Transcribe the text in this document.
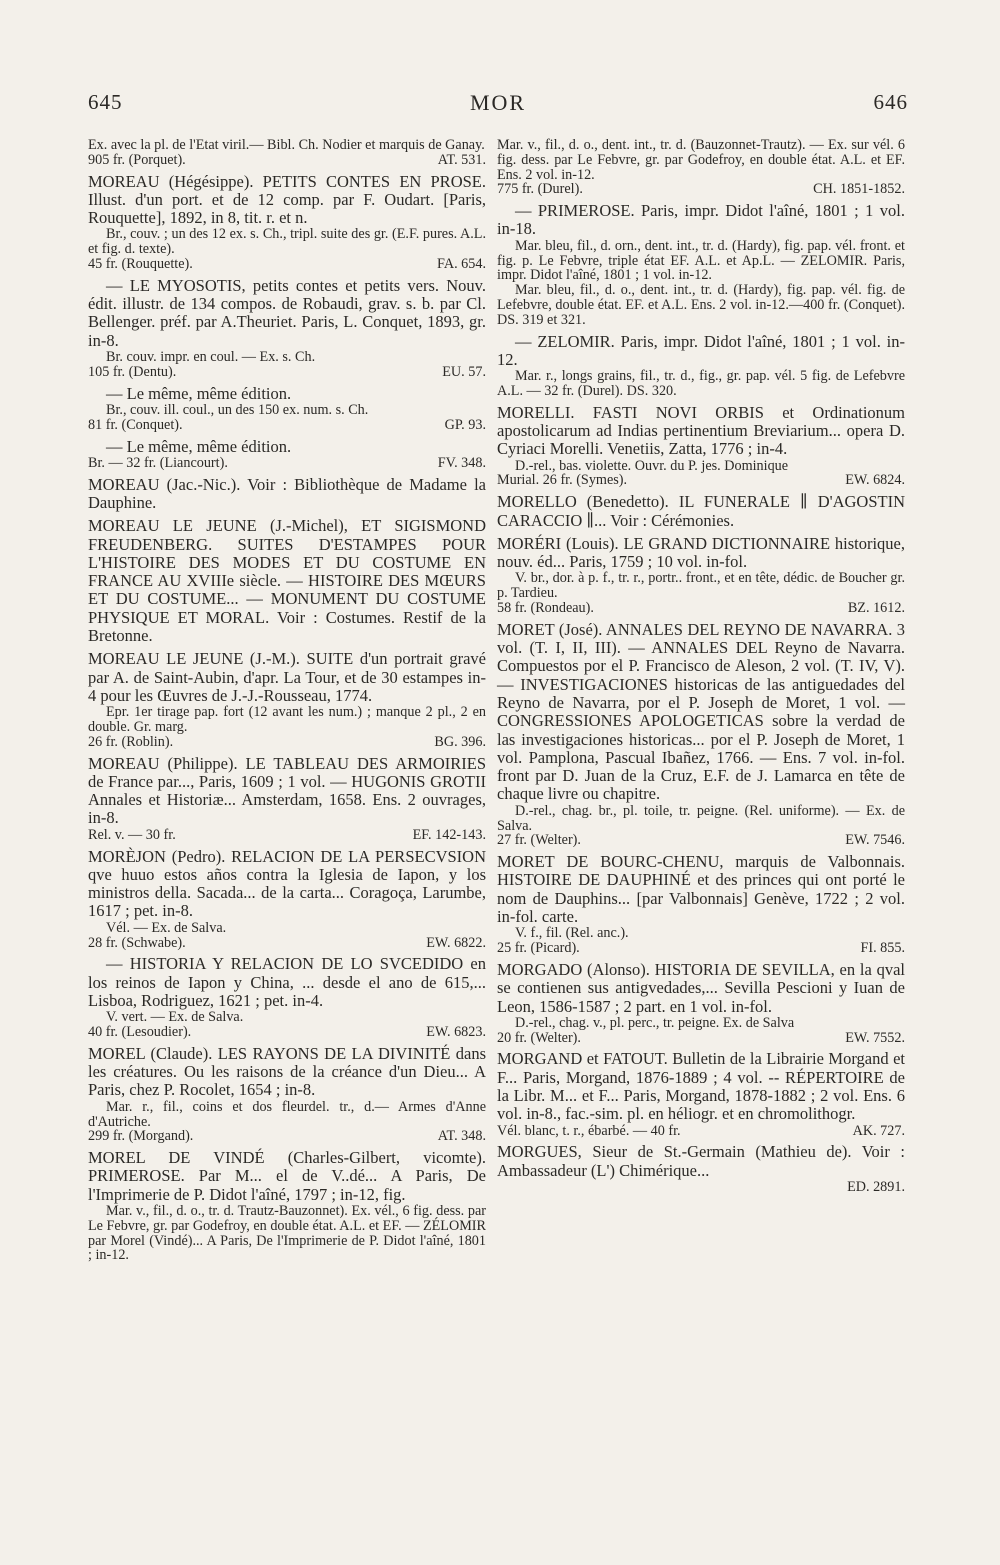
645	MOR	646

Ex. avec la pl. de l'Etat viril.— Bibl. Ch. Nodier et marquis de Ganay.

905 fr. (Porquet).	AT. 531.

MOREAU (Hégésippe). PETITS CONTES EN PROSE. Illust. d'un port. et de 12 comp. par F. Oudart. [Paris, Rouquette], 1892, in 8, tit. r. et n.

Br., couv. ; un des 12 ex. s. Ch., tripl. suite des gr. (E.F. pures. A.L. et fig. d. texte).

45 fr. (Rouquette).	FA. 654.

— LE MYOSOTIS, petits contes et petits vers. Nouv. édit. illustr. de 134 compos. de Robaudi, grav. s. b. par Cl. Bellenger. préf. par A.Theuriet. Paris, L. Conquet, 1893, gr. in-8.

Br. couv. impr. en coul. — Ex. s. Ch.

105 fr. (Dentu).	EU. 57.

— Le même, même édition.

Br., couv. ill. coul., un des 150 ex. num. s. Ch.

81 fr. (Conquet).	GP. 93.

— Le même, même édition.

Br. — 32 fr. (Liancourt).	FV. 348.

MOREAU (Jac.-Nic.). Voir : Bibliothèque de Madame la Dauphine.

MOREAU LE JEUNE (J.-Michel), ET SIGISMOND FREUDENBERG. SUITES D'ESTAMPES POUR L'HISTOIRE DES MODES ET DU COSTUME EN FRANCE AU XVIIIe siècle. — HISTOIRE DES MŒURS ET DU COSTUME... — MONUMENT DU COSTUME PHYSIQUE ET MORAL. Voir : Costumes. Restif de la Bretonne.

MOREAU LE JEUNE (J.-M.). SUITE d'un portrait gravé par A. de Saint-Aubin, d'apr. La Tour, et de 30 estampes in-4 pour les Œuvres de J.-J.-Rousseau, 1774.

Epr. 1er tirage pap. fort (12 avant les num.) ; manque 2 pl., 2 en double. Gr. marg.

26 fr. (Roblin).	BG. 396.

MOREAU (Philippe). LE TABLEAU DES ARMOIRIES de France par..., Paris, 1609 ; 1 vol. — HUGONIS GROTII Annales et Historiæ... Amsterdam, 1658. Ens. 2 ouvrages, in-8.

Rel. v. — 30 fr.	EF. 142-143.

MORÈJON (Pedro). RELACION DE LA PERSECVSION qve huuo estos años contra la Iglesia de Iapon, y los ministros della. Sacada... de la carta... Coragoça, Larumbe, 1617 ; pet. in-8.

Vél. — Ex. de Salva.

28 fr. (Schwabe).	EW. 6822.

— HISTORIA Y RELACION DE LO SVCEDIDO en los reinos de Iapon y China, ... desde el ano de 615,... Lisboa, Rodriguez, 1621 ; pet. in-4.

V. vert. — Ex. de Salva.

40 fr. (Lesoudier).	EW. 6823.

MOREL (Claude). LES RAYONS DE LA DIVINITÉ dans les créatures. Ou les raisons de la créance d'un Dieu... A Paris, chez P. Rocolet, 1654 ; in-8.

Mar. r., fil., coins et dos fleurdel. tr., d.— Armes d'Anne d'Autriche.

299 fr. (Morgand).	AT. 348.

MOREL DE VINDÉ (Charles-Gilbert, vicomte). PRIMEROSE. Par M... el de V..dé... A Paris, De l'Imprimerie de P. Didot l'aîné, 1797 ; in-12, fig.

Mar. v., fil., d. o., tr. d. Trautz-Bauzonnet). Ex. vél., 6 fig. dess. par Le Febvre, gr. par Godefroy, en double état. A.L. et EF. — ZÉLOMIR par Morel (Vindé)... A Paris, De l'Imprimerie de P. Didot l'aîné, 1801 ; in-12.

Mar. v., fil., d. o., dent. int., tr. d. (Bauzonnet-Trautz). — Ex. sur vél. 6 fig. dess. par Le Febvre, gr. par Godefroy, en double état. A.L. et EF. Ens. 2 vol. in-12.

775 fr. (Durel).	CH. 1851-1852.

— PRIMEROSE. Paris, impr. Didot l'aîné, 1801 ; 1 vol. in-18.

Mar. bleu, fil., d. orn., dent. int., tr. d. (Hardy), fig. pap. vél. front. et fig. p. Le Febvre, triple état EF. A.L. et Ap.L. — ZELOMIR. Paris, impr. Didot l'aîné, 1801 ; 1 vol. in-12.

Mar. bleu, fil., d. o., dent. int., tr. d. (Hardy), fig. pap. vél. fig. de Lefebvre, double état. EF. et A.L. Ens. 2 vol. in-12.—400 fr. (Conquet). DS. 319 et 321.

— ZELOMIR. Paris, impr. Didot l'aîné, 1801 ; 1 vol. in-12.

Mar. r., longs grains, fil., tr. d., fig., gr. pap. vél. 5 fig. de Lefebvre A.L. — 32 fr. (Durel). DS. 320.

MORELLI. FASTI NOVI ORBIS et Ordinationum apostolicarum ad Indias pertinentium Breviarium... opera D. Cyriaci Morelli. Venetiis, Zatta, 1776 ; in-4.

D.-rel., bas. violette. Ouvr. du P. jes. Dominique

Murial. 26 fr. (Symes).	EW. 6824.

MORELLO (Benedetto). IL FUNERALE ∥ D'AGOSTIN CARACCIO ∥... Voir : Cérémonies.

MORÉRI (Louis). LE GRAND DICTIONNAIRE historique, nouv. éd... Paris, 1759 ; 10 vol. in-fol.

V. br., dor. à p. f., tr. r., portr.. front., et en tête, dédic. de Boucher gr. p. Tardieu.

58 fr. (Rondeau).	BZ. 1612.

MORET (José). ANNALES DEL REYNO DE NAVARRA. 3 vol. (T. I, II, III). — ANNALES DEL Reyno de Navarra. Compuestos por el P. Francisco de Aleson, 2 vol. (T. IV, V). — INVESTIGACIONES historicas de las antiguedades del Reyno de Navarra, por el P. Joseph de Moret, 1 vol. — CONGRESSIONES APOLOGETICAS sobre la verdad de las investigaciones historicas... por el P. Joseph de Moret, 1 vol. Pamplona, Pascual Ibañez, 1766. — Ens. 7 vol. in-fol. front par D. Juan de la Cruz, E.F. de J. Lamarca en tête de chaque livre ou chapitre.

D.-rel., chag. br., pl. toile, tr. peigne. (Rel. uniforme). — Ex. de Salva.

27 fr. (Welter).	EW. 7546.

MORET DE BOURC-CHENU, marquis de Valbonnais. HISTOIRE DE DAUPHINÉ et des princes qui ont porté le nom de Dauphins... [par Valbonnais] Genève, 1722 ; 2 vol. in-fol. carte.

V. f., fil. (Rel. anc.).

25 fr. (Picard).	FI. 855.

MORGADO (Alonso). HISTORIA DE SEVILLA, en la qval se contienen sus antigvedades,... Sevilla Pescioni y Iuan de Leon, 1586-1587 ; 2 part. en 1 vol. in-fol.

D.-rel., chag. v., pl. perc., tr. peigne. Ex. de Salva

20 fr. (Welter).	EW. 7552.

MORGAND et FATOUT. Bulletin de la Librairie Morgand et F... Paris, Morgand, 1876-1889 ; 4 vol. -- RÉPERTOIRE de la Libr. M... et F... Paris, Morgand, 1878-1882 ; 2 vol. Ens. 6 vol. in-8., fac.-sim. pl. en héliogr. et en chromolithogr.

Vél. blanc, t. r., ébarbé. — 40 fr.	AK. 727.

MORGUES, Sieur de St.-Germain (Mathieu de). Voir : Ambassadeur (L') Chimérique...

ED. 2891.
